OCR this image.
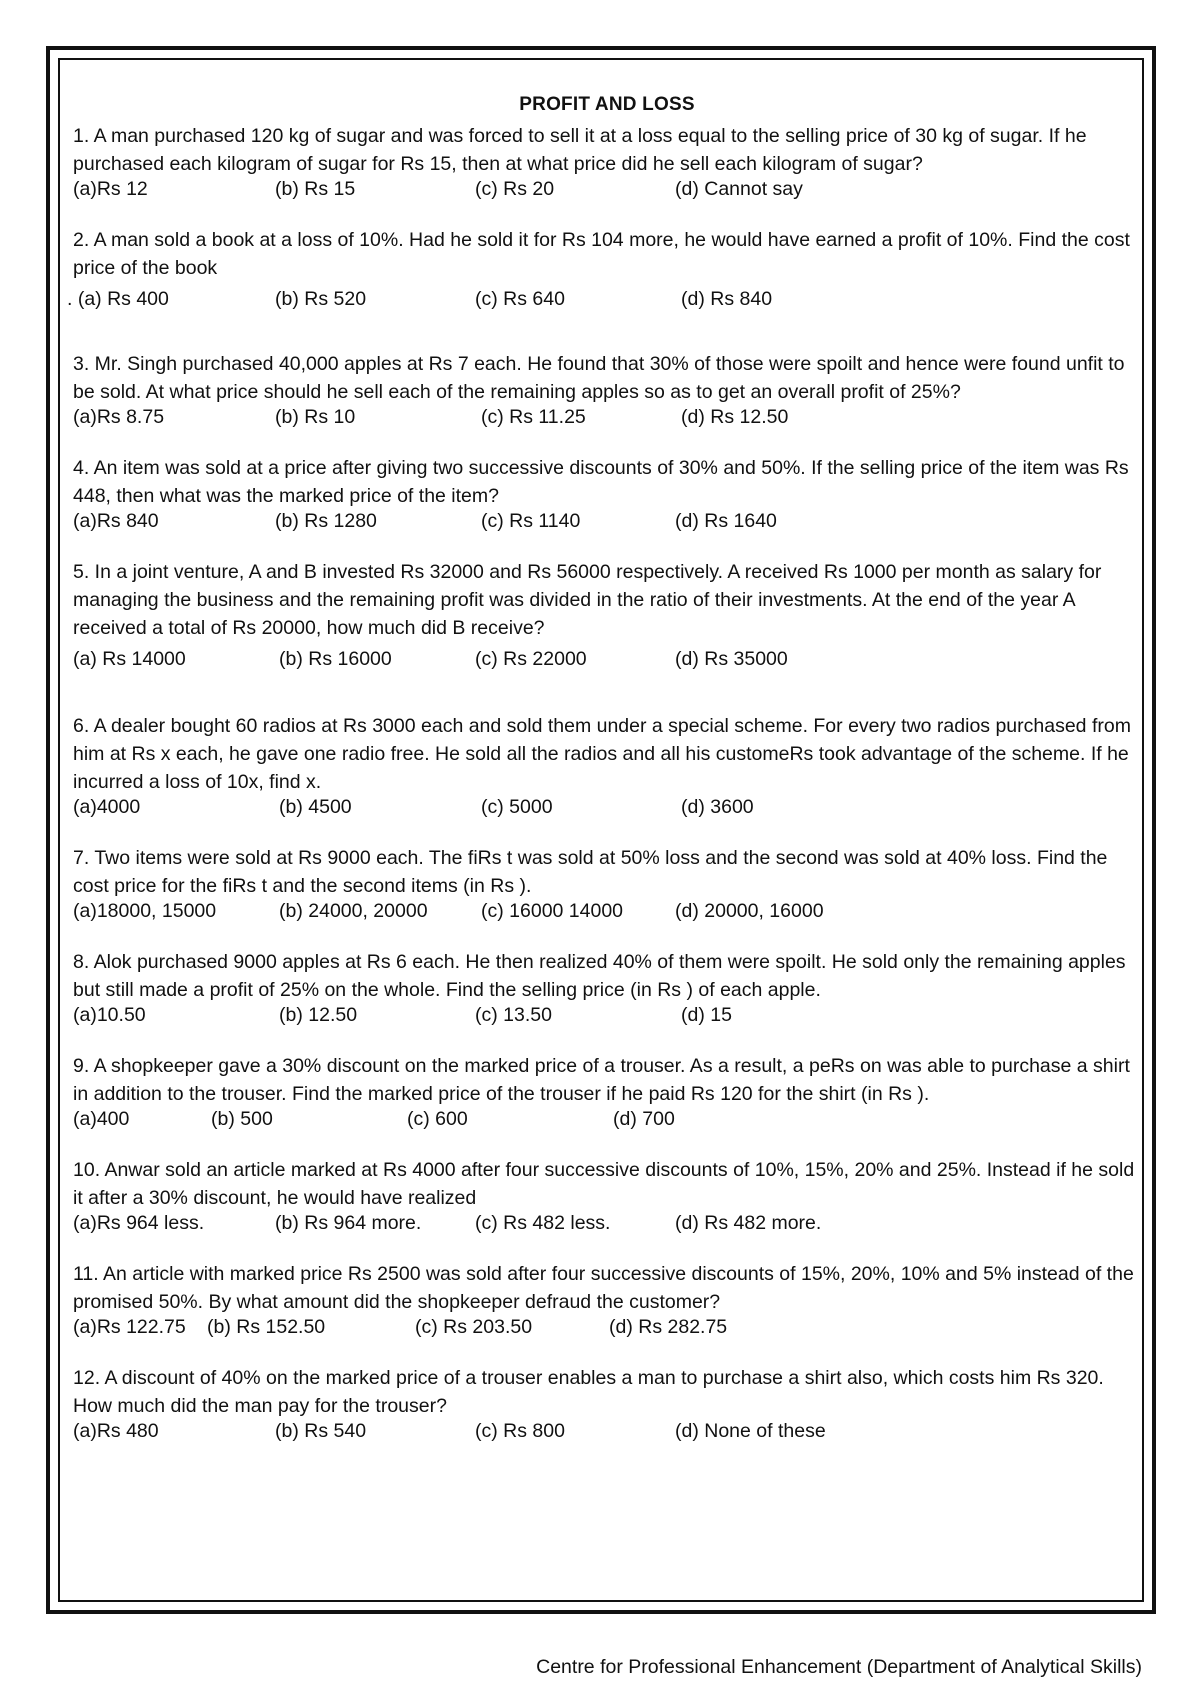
PROFIT AND LOSS

1. A man purchased 120 kg of sugar and was forced to sell it at a loss equal to the selling price of 30 kg of sugar. If he purchased each kilogram of sugar for Rs 15, then at what price did he sell each kilogram of sugar?

(a)Rs 12	(b) Rs 15	(c) Rs 20	(d) Cannot say

2. A man sold a book at a loss of 10%. Had he sold it for Rs 104 more, he would have earned a profit of 10%. Find the cost price of the book

. (a) Rs 400	(b) Rs 520	(c) Rs 640	(d) Rs 840

3. Mr. Singh purchased 40,000 apples at Rs 7 each. He found that 30% of those were spoilt and hence were found unfit to be sold. At what price should he sell each of the remaining apples so as to get an overall profit of 25%?

(a)Rs 8.75	(b) Rs 10	(c) Rs 11.25	(d) Rs 12.50

4. An item was sold at a price after giving two successive discounts of 30% and 50%. If the selling price of the item was Rs 448, then what was the marked price of the item?

(a)Rs 840	(b) Rs 1280	(c) Rs 1140	(d) Rs 1640

5. In a joint venture, A and B invested Rs 32000 and Rs 56000 respectively. A received Rs 1000 per month as salary for managing the business and the remaining profit was divided in the ratio of their investments. At the end of the year A received a total of Rs 20000, how much did B receive?

(a) Rs 14000	(b) Rs 16000	(c) Rs 22000	(d) Rs 35000

6. A dealer bought 60 radios at Rs 3000 each and sold them under a special scheme. For every two radios purchased from him at Rs x each, he gave one radio free. He sold all the radios and all his customeRs took advantage of the scheme. If he incurred a loss of 10x, find x.

(a)4000	(b) 4500	(c) 5000	(d) 3600

7. Two items were sold at Rs 9000 each. The fiRs t was sold at 50% loss and the second was sold at 40% loss. Find the cost price for the fiRs t and the second items (in Rs ).

(a)18000, 15000	(b) 24000, 20000	(c) 16000 14000	(d) 20000, 16000

8. Alok purchased 9000 apples at Rs 6 each. He then realized 40% of them were spoilt. He sold only the remaining apples but still made a profit of 25% on the whole. Find the selling price (in Rs ) of each apple.

(a)10.50	(b) 12.50	(c) 13.50	(d) 15

9. A shopkeeper gave a 30% discount on the marked price of a trouser. As a result, a peRs on was able to purchase a shirt in addition to the trouser. Find the marked price of the trouser if he paid Rs 120 for the shirt (in Rs ).

(a)400	(b) 500	(c) 600	(d) 700

10. Anwar sold an article marked at Rs 4000 after four successive discounts of 10%, 15%, 20% and 25%. Instead if he sold it after a 30% discount, he would have realized

(a)Rs 964 less.	(b) Rs 964 more.	(c) Rs 482 less.	(d) Rs 482 more.

11. An article with marked price Rs 2500 was sold after four successive discounts of 15%, 20%, 10% and 5% instead of the promised 50%. By what amount did the shopkeeper defraud the customer?

(a)Rs 122.75 (b) Rs 152.50	(c) Rs 203.50	(d) Rs 282.75

12. A discount of 40% on the marked price of a trouser enables a man to purchase a shirt also, which costs him Rs 320. How much did the man pay for the trouser?

(a)Rs 480	(b) Rs 540	(c) Rs 800	(d) None of these
Centre for Professional Enhancement (Department of Analytical Skills)
